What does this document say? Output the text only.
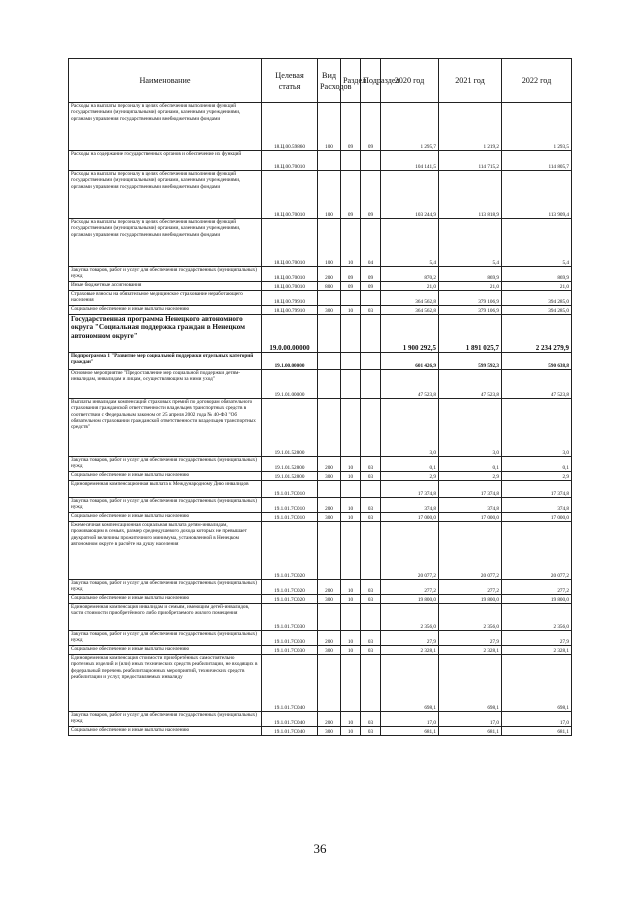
Наименование	Целевая статья	Вид Расходов	Раздел	Подраздел	2020 год	2021 год	2022 год
Расходы на выплаты персоналу в целях обеспечения выполнения функций государственными (муниципальными) органами, казенными учреждениями, органами управления государственными внебюджетными фондами	18.Ц.00.59860	100	09	09	1 295,7	1 219,2	1 293,5
Расходы на содержание государственных органов и обеспечение их функций	18.Ц.00.70010				104 141,5	114 715,2	114 805,7
Расходы на выплаты персоналу в целях обеспечения выполнения функций государственными (муниципальными) органами, казенными учреждениями, органами управления государственными внебюджетными фондами	18.Ц.00.70010	100	09	09	103 244,9	113 818,9	113 909,4
Расходы на выплаты персоналу в целях обеспечения выполнения функций государственными (муниципальными) органами, казенными учреждениями, органами управления государственными внебюджетными фондами	18.Ц.00.70010	100	10	04	5,4	5,4	5,4
Закупка товаров, работ и услуг для обеспечения государственных (муниципальных) нужд	18.Ц.00.70010	200	09	09	870,2	869,9	869,9
Иные бюджетные ассигнования	18.Ц.00.70010	800	09	09	21,0	21,0	21,0
Страховые взносы на обязательное медицинское страхование неработающего населения	18.Ц.00.79910				364 562,8	379 106,9	394 285,0
Социальное обеспечение и иные выплаты населению	18.Ц.00.79910	300	10	03	364 562,8	379 106,9	394 285,0
Государственная программа Ненецкого автономного округа "Социальная поддержка граждан в Ненецком автономном округе"	19.0.00.00000				1 900 292,5	1 891 025,7	2 234 279,9
Подпрограмма 1 "Развитие мер социальной поддержки отдельных категорий граждан"	19.1.00.00000				601 426,9	599 592,3	590 638,8
Основное мероприятие "Предоставление мер социальной поддержки детям-инвалидам, инвалидам и лицам, осуществляющим за ними уход"	19.1.01.00000				47 523,8	47 523,8	47 523,8
Выплаты инвалидам компенсаций страховых премий по договорам обязательного страхования гражданской ответственности владельцев транспортных средств в соответствии с Федеральным законом от 25 апреля 2002 года № 40-ФЗ "Об обязательном страховании гражданской ответственности владельцев транспортных средств"	19.1.01.52800				3,0	3,0	3,0
Закупка товаров, работ и услуг для обеспечения государственных (муниципальных) нужд	19.1.01.52800	200	10	03	0,1	0,1	0,1
Социальное обеспечение и иные выплаты населению	19.1.01.52800	300	10	03	2,9	2,9	2,9
Единовременная компенсационная выплата к Международному Дню инвалидов	19.1.01.7С010				17 374,8	17 374,8	17 374,8
Закупка товаров, работ и услуг для обеспечения государственных (муниципальных) нужд	19.1.01.7С010	200	10	03	374,8	374,8	374,8
Социальное обеспечение и иные выплаты населению	19.1.01.7С010	300	10	03	17 000,0	17 000,0	17 000,0
Ежемесячная компенсационная социальная выплата детям-инвалидам, проживающим в семьях, размер среднедушевого дохода которых не превышает двукратной величины прожиточного минимума, установленной в Ненецком автономном округе в расчёте на душу населения	19.1.01.7С020				20 077,2	20 077,2	20 077,2
Закупка товаров, работ и услуг для обеспечения государственных (муниципальных) нужд	19.1.01.7С020	200	10	03	277,2	277,2	277,2
Социальное обеспечение и иные выплаты населению	19.1.01.7С020	300	10	03	19 800,0	19 800,0	19 800,0
Единовременная компенсация инвалидам и семьям, имеющим детей-инвалидов, части стоимости приобретённого либо приобретаемого жилого помещения	19.1.01.7С030				2 356,0	2 356,0	2 356,0
Закупка товаров, работ и услуг для обеспечения государственных (муниципальных) нужд	19.1.01.7С030	200	10	03	27,9	27,9	27,9
Социальное обеспечение и иные выплаты населению	19.1.01.7С030	300	10	03	2 328,1	2 328,1	2 328,1
Единовременная компенсация стоимости приобретённых самостоятельно протезных изделий и (или) иных технических средств реабилитации, не входящих в федеральный перечень реабилитационных мероприятий, технических средств реабилитации и услуг, предоставляемых инвалиду	19.1.01.7С040				698,1	698,1	698,1
Закупка товаров, работ и услуг для обеспечения государственных (муниципальных) нужд	19.1.01.7С040	200	10	03	17,0	17,0	17,0
Социальное обеспечение и иные выплаты населению	19.1.01.7С040	300	10	03	681,1	681,1	681,1
36
